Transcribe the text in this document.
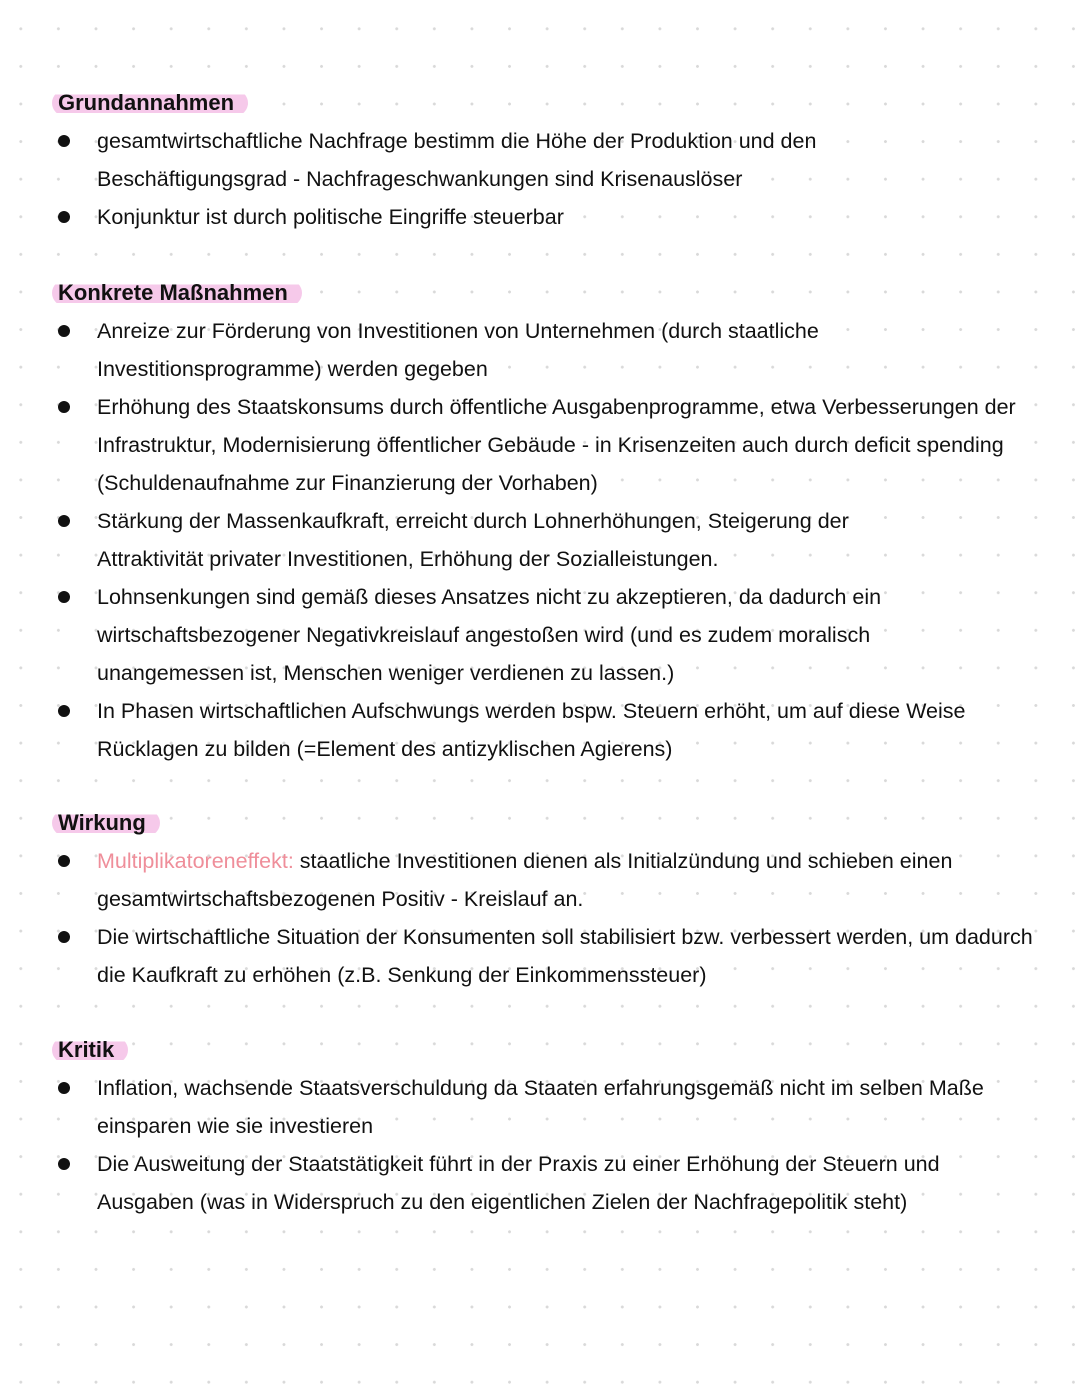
Grundannahmen
gesamtwirtschaftliche Nachfrage bestimm die Höhe der Produktion und den Beschäftigungsgrad - Nachfrageschwankungen sind Krisenauslöser
Konjunktur ist durch politische Eingriffe steuerbar
Konkrete Maßnahmen
Anreize zur Förderung von Investitionen von Unternehmen (durch staatliche Investitionsprogramme) werden gegeben
Erhöhung des Staatskonsums durch öffentliche Ausgabenprogramme, etwa Verbesserungen der Infrastruktur, Modernisierung öffentlicher Gebäude - in Krisenzeiten auch durch deficit spending (Schuldenaufnahme zur Finanzierung der Vorhaben)
Stärkung der Massenkaufkraft, erreicht durch Lohnerhöhungen, Steigerung der Attraktivität privater Investitionen, Erhöhung der Sozialleistungen.
Lohnsenkungen sind gemäß dieses Ansatzes nicht zu akzeptieren, da dadurch ein wirtschaftsbezogener Negativkreislauf angestoßen wird (und es zudem moralisch unangemessen ist, Menschen weniger verdienen zu lassen.)
In Phasen wirtschaftlichen Aufschwungs werden bspw. Steuern erhöht, um auf diese Weise Rücklagen zu bilden (=Element des antizyklischen Agierens)
Wirkung
Multiplikatoreneffekt: staatliche Investitionen dienen als Initialzündung und schieben einen gesamtwirtschaftsbezogenen Positiv - Kreislauf an.
Die wirtschaftliche Situation der Konsumenten soll stabilisiert bzw. verbessert werden, um dadurch die Kaufkraft zu erhöhen (z.B. Senkung der Einkommenssteuer)
Kritik
Inflation, wachsende Staatsverschuldung da Staaten erfahrungsgemäß nicht im selben Maße einsparen wie sie investieren
Die Ausweitung der Staatstätigkeit führt in der Praxis zu einer Erhöhung der Steuern und Ausgaben (was in Widerspruch zu den eigentlichen Zielen der Nachfragepolitik steht)
